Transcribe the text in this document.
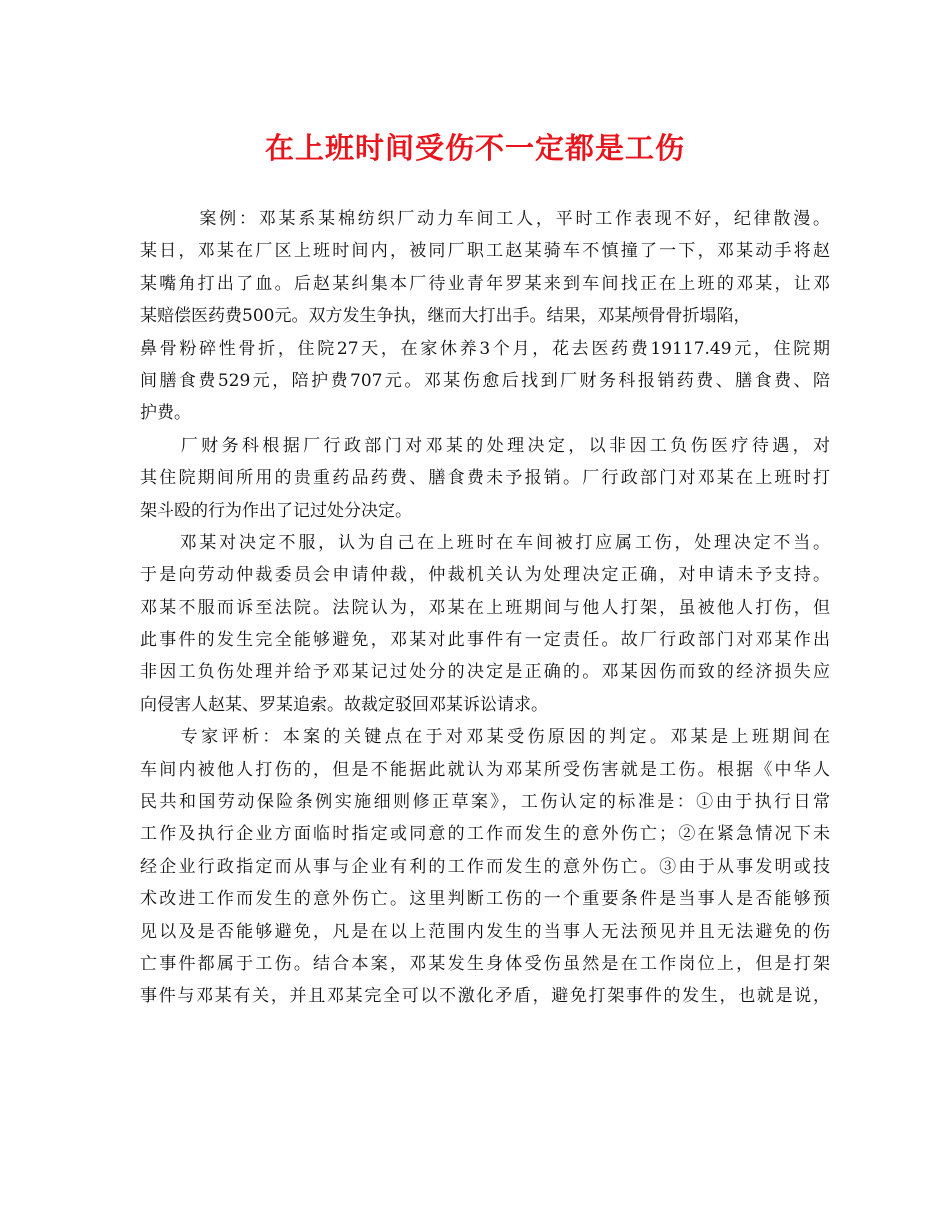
在上班时间受伤不一定都是工伤
　　　案例：邓某系某棉纺织厂动力车间工人，平时工作表现不好，纪律散漫。
某日，邓某在厂区上班时间内，被同厂职工赵某骑车不慎撞了一下，邓某动手将赵
某嘴角打出了血。后赵某纠集本厂待业青年罗某来到车间找正在上班的邓某，让邓
某赔偿医药费500元。双方发生争执，继而大打出手。结果，邓某颅骨骨折塌陷，
鼻骨粉碎性骨折，住院27天，在家休养3个月，花去医药费19117.49元，住院期
间膳食费529元，陪护费707元。邓某伤愈后找到厂财务科报销药费、膳食费、陪
护费。
　　厂财务科根据厂行政部门对邓某的处理决定，以非因工负伤医疗待遇，对
其住院期间所用的贵重药品药费、膳食费未予报销。厂行政部门对邓某在上班时打
架斗殴的行为作出了记过处分决定。
　　邓某对决定不服，认为自己在上班时在车间被打应属工伤，处理决定不当。
于是向劳动仲裁委员会申请仲裁，仲裁机关认为处理决定正确，对申请未予支持。
邓某不服而诉至法院。法院认为，邓某在上班期间与他人打架，虽被他人打伤，但
此事件的发生完全能够避免，邓某对此事件有一定责任。故厂行政部门对邓某作出
非因工负伤处理并给予邓某记过处分的决定是正确的。邓某因伤而致的经济损失应
向侵害人赵某、罗某追索。故裁定驳回邓某诉讼请求。
　　专家评析：本案的关键点在于对邓某受伤原因的判定。邓某是上班期间在
车间内被他人打伤的，但是不能据此就认为邓某所受伤害就是工伤。根据《中华人
民共和国劳动保险条例实施细则修正草案》，工伤认定的标准是：①由于执行日常
工作及执行企业方面临时指定或同意的工作而发生的意外伤亡；②在紧急情况下未
经企业行政指定而从事与企业有利的工作而发生的意外伤亡。③由于从事发明或技
术改进工作而发生的意外伤亡。这里判断工伤的一个重要条件是当事人是否能够预
见以及是否能够避免，凡是在以上范围内发生的当事人无法预见并且无法避免的伤
亡事件都属于工伤。结合本案，邓某发生身体受伤虽然是在工作岗位上，但是打架
事件与邓某有关，并且邓某完全可以不激化矛盾，避免打架事件的发生，也就是说，
